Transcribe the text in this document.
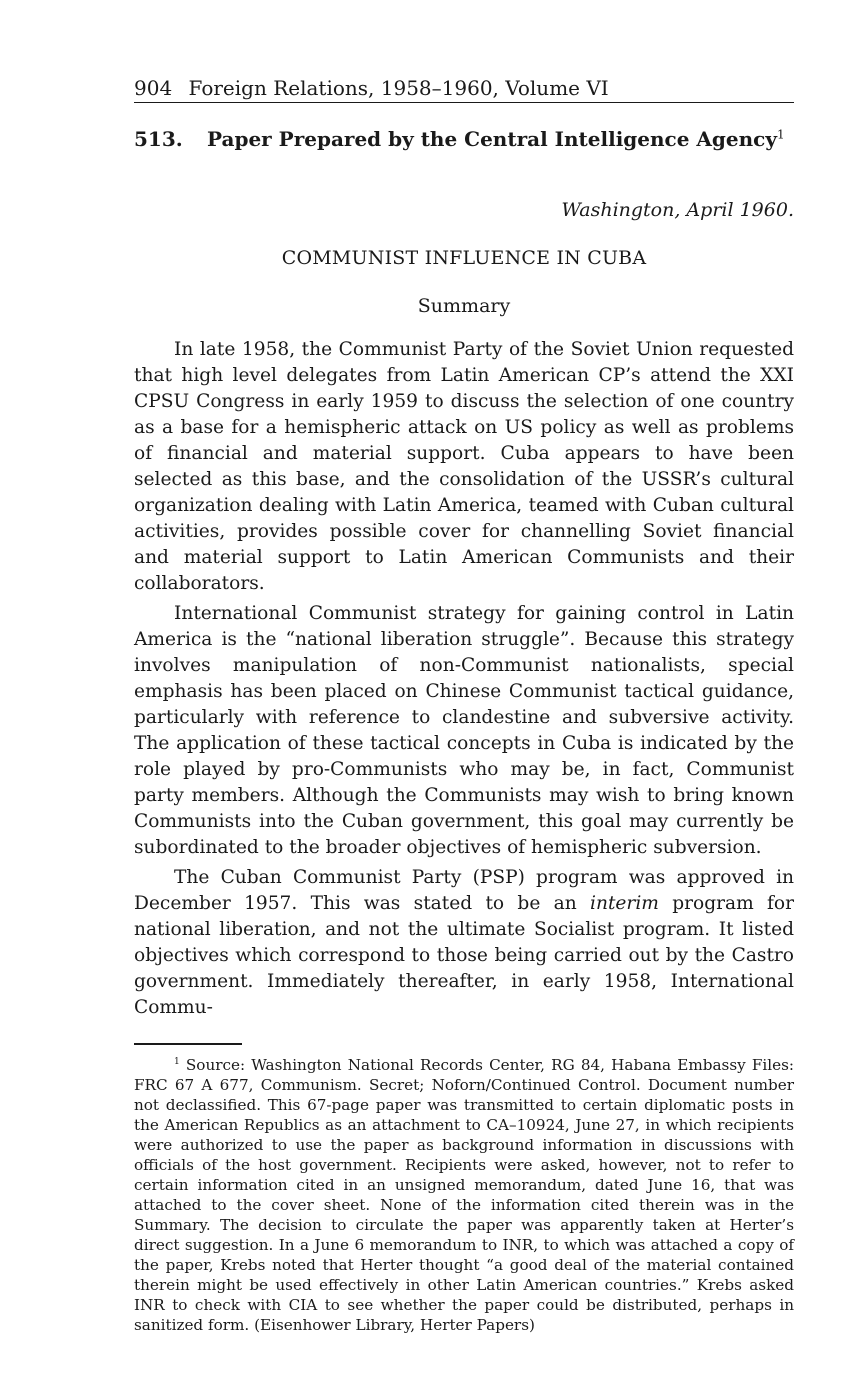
904 Foreign Relations, 1958–1960, Volume VI
513.	Paper Prepared by the Central Intelligence Agency$^1$
Washington, April 1960.
COMMUNIST INFLUENCE IN CUBA
Summary

In late 1958, the Communist Party of the Soviet Union requested that high level delegates from Latin American CP’s attend the XXI CPSU Congress in early 1959 to discuss the selection of one country as a base for a hemispheric attack on US policy as well as problems of financial and material support. Cuba appears to have been selected as this base, and the consolidation of the USSR’s cultural organization dealing with Latin America, teamed with Cuban cultural activities, provides possible cover for channelling Soviet financial and material support to Latin American Communists and their collaborators.

International Communist strategy for gaining control in Latin America is the “national liberation struggle”. Because this strategy involves manipulation of non-Communist nationalists, special emphasis has been placed on Chinese Communist tactical guidance, particularly with reference to clandestine and subversive activity. The application of these tactical concepts in Cuba is indicated by the role played by pro-Communists who may be, in fact, Communist party members. Although the Communists may wish to bring known Communists into the Cuban government, this goal may currently be subordinated to the broader objectives of hemispheric subversion.

The Cuban Communist Party (PSP) program was approved in December 1957. This was stated to be an interim program for national liberation, and not the ultimate Socialist program. It listed objectives which correspond to those being carried out by the Castro government. Immediately thereafter, in early 1958, International Commu-

$^1$ Source: Washington National Records Center, RG 84, Habana Embassy Files: FRC 67 A 677, Communism. Secret; Noforn/Continued Control. Document number not declassified. This 67-page paper was transmitted to certain diplomatic posts in the American Republics as an attachment to CA–10924, June 27, in which recipients were authorized to use the paper as background information in discussions with officials of the host government. Recipients were asked, however, not to refer to certain information cited in an unsigned memorandum, dated June 16, that was attached to the cover sheet. None of the information cited therein was in the Summary. The decision to circulate the paper was apparently taken at Herter’s direct suggestion. In a June 6 memorandum to INR, to which was attached a copy of the paper, Krebs noted that Herter thought “a good deal of the material contained therein might be used effectively in other Latin American countries.” Krebs asked INR to check with CIA to see whether the paper could be distributed, perhaps in sanitized form. (Eisenhower Library, Herter Papers)
